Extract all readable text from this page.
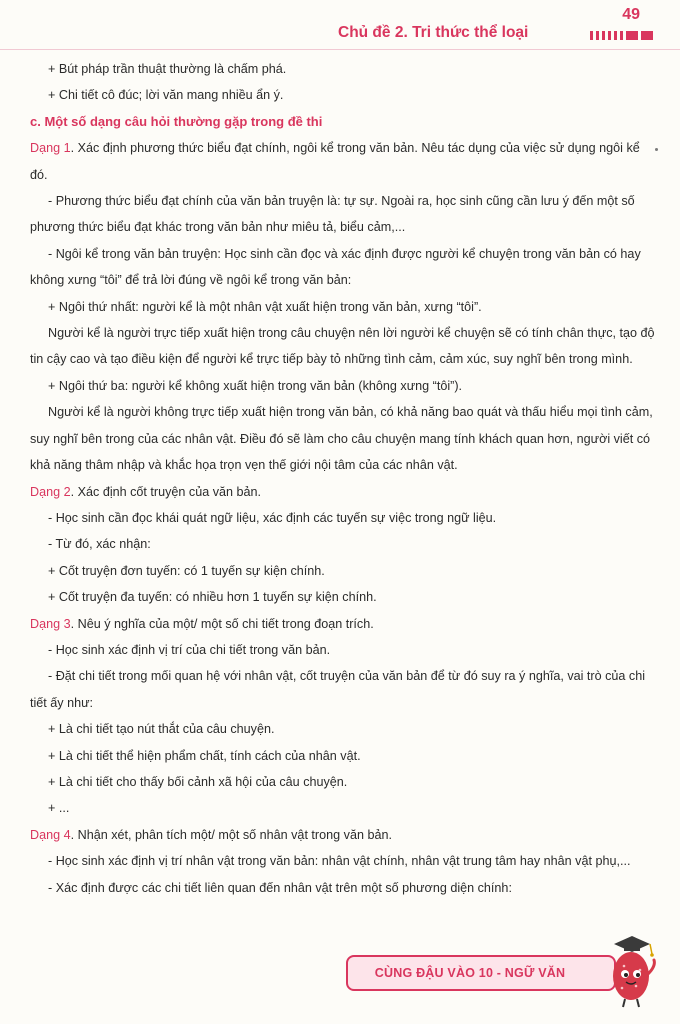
49
Chủ đề 2. Tri thức thể loại

+ Bút pháp trần thuật thường là chấm phá.

+ Chi tiết cô đúc; lời văn mang nhiều ẩn ý.

c. Một số dạng câu hỏi thường gặp trong đề thi

Dạng 1. Xác định phương thức biểu đạt chính, ngôi kể trong văn bản. Nêu tác dụng của việc sử dụng ngôi kể đó.

- Phương thức biểu đạt chính của văn bản truyện là: tự sự. Ngoài ra, học sinh cũng cần lưu ý đến một số phương thức biểu đạt khác trong văn bản như miêu tả, biểu cảm,...

- Ngôi kể trong văn bản truyện: Học sinh cần đọc và xác định được người kể chuyện trong văn bản có hay không xưng “tôi” để trả lời đúng về ngôi kể trong văn bản:

+ Ngôi thứ nhất: người kể là một nhân vật xuất hiện trong văn bản, xưng “tôi”.

Người kể là người trực tiếp xuất hiện trong câu chuyện nên lời người kể chuyện sẽ có tính chân thực, tạo độ tin cậy cao và tạo điều kiện để người kể trực tiếp bày tỏ những tình cảm, cảm xúc, suy nghĩ bên trong mình.

+ Ngôi thứ ba: người kể không xuất hiện trong văn bản (không xưng “tôi”).

Người kể là người không trực tiếp xuất hiện trong văn bản, có khả năng bao quát và thấu hiểu mọi tình cảm, suy nghĩ bên trong của các nhân vật. Điều đó sẽ làm cho câu chuyện mang tính khách quan hơn, người viết có khả năng thâm nhập và khắc họa trọn vẹn thế giới nội tâm của các nhân vật.

Dạng 2. Xác định cốt truyện của văn bản.

- Học sinh cần đọc khái quát ngữ liệu, xác định các tuyến sự việc trong ngữ liệu.

- Từ đó, xác nhận:

+ Cốt truyện đơn tuyến: có 1 tuyến sự kiện chính.

+ Cốt truyện đa tuyến: có nhiều hơn 1 tuyến sự kiện chính.

Dạng 3. Nêu ý nghĩa của một/ một số chi tiết trong đoạn trích.

- Học sinh xác định vị trí của chi tiết trong văn bản.

- Đặt chi tiết trong mối quan hệ với nhân vật, cốt truyện của văn bản để từ đó suy ra ý nghĩa, vai trò của chi tiết ấy như:

+ Là chi tiết tạo nút thắt của câu chuyện.

+ Là chi tiết thể hiện phẩm chất, tính cách của nhân vật.

+ Là chi tiết cho thấy bối cảnh xã hội của câu chuyện.

+ ...

Dạng 4. Nhận xét, phân tích một/ một số nhân vật trong văn bản.

- Học sinh xác định vị trí nhân vật trong văn bản: nhân vật chính, nhân vật trung tâm hay nhân vật phụ,...

- Xác định được các chi tiết liên quan đến nhân vật trên một số phương diện chính:

CÙNG ĐẬU VÀO 10 - NGỮ VĂN
